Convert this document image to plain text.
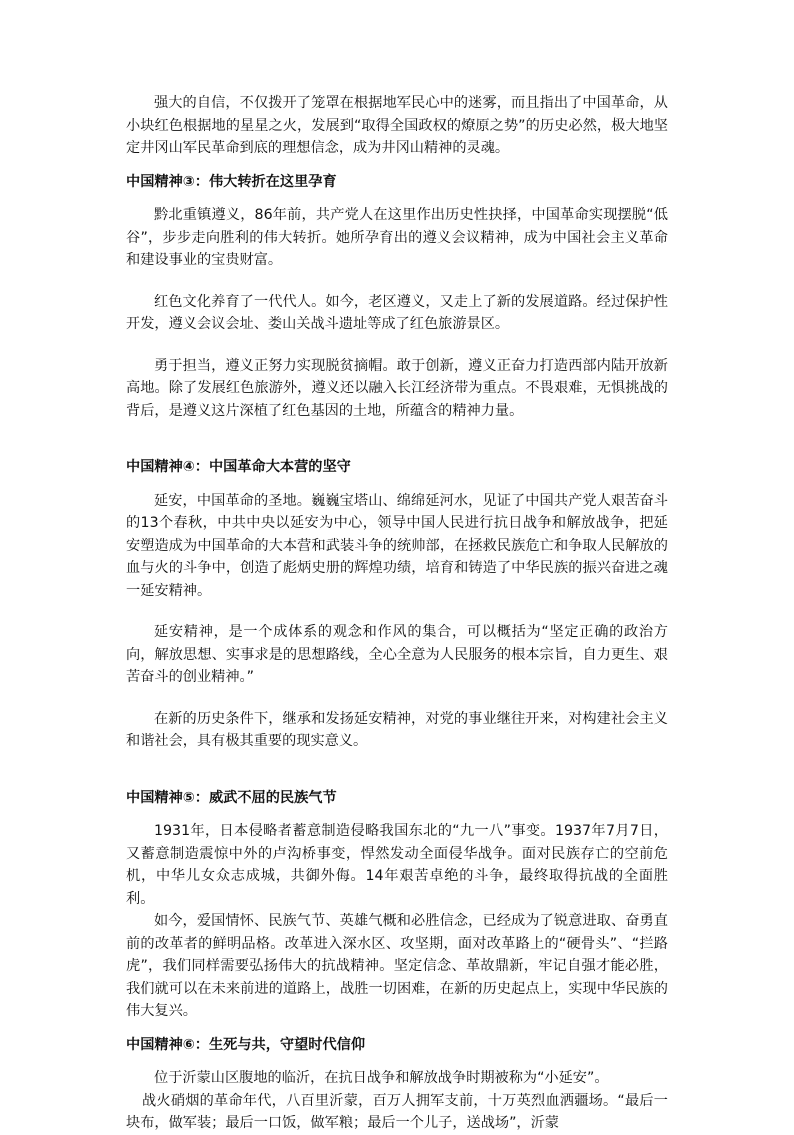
强大的自信，不仅拨开了笼罩在根据地军民心中的迷雾，而且指出了中国革命，从小块红色根据地的星星之火，发展到“取得全国政权的燎原之势”的历史必然，极大地坚定井冈山军民革命到底的理想信念，成为井冈山精神的灵魂。

中国精神③：伟大转折在这里孕育

黔北重镇遵义，86年前，共产党人在这里作出历史性抉择，中国革命实现摆脱“低谷”，步步走向胜利的伟大转折。她所孕育出的遵义会议精神，成为中国社会主义革命和建设事业的宝贵财富。

红色文化养育了一代代人。如今，老区遵义，又走上了新的发展道路。经过保护性开发，遵义会议会址、娄山关战斗遗址等成了红色旅游景区。

勇于担当，遵义正努力实现脱贫摘帽。敢于创新，遵义正奋力打造西部内陆开放新高地。除了发展红色旅游外，遵义还以融入长江经济带为重点。不畏艰难，无惧挑战的背后，是遵义这片深植了红色基因的土地，所蕴含的精神力量。

中国精神④：中国革命大本营的坚守

延安，中国革命的圣地。巍巍宝塔山、绵绵延河水，见证了中国共产党人艰苦奋斗的13个春秋，中共中央以延安为中心，领导中国人民进行抗日战争和解放战争，把延安塑造成为中国革命的大本营和武装斗争的统帅部，在拯救民族危亡和争取人民解放的血与火的斗争中，创造了彪炳史册的辉煌功绩，培育和铸造了中华民族的振兴奋进之魂一延安精神。

延安精神，是一个成体系的观念和作风的集合，可以概括为“坚定正确的政治方向，解放思想、实事求是的思想路线，全心全意为人民服务的根本宗旨，自力更生、艰苦奋斗的创业精神。”

在新的历史条件下，继承和发扬延安精神，对党的事业继往开来，对构建社会主义和谐社会，具有极其重要的现实意义。

中国精神⑤：威武不屈的民族气节

1931年，日本侵略者蓄意制造侵略我国东北的“九一八”事变。1937年7月7日，又蓄意制造震惊中外的卢沟桥事变，悍然发动全面侵华战争。面对民族存亡的空前危机，中华儿女众志成城，共御外侮。14年艰苦卓绝的斗争，最终取得抗战的全面胜利。

如今，爱国情怀、民族气节、英雄气概和必胜信念，已经成为了锐意进取、奋勇直前的改革者的鲜明品格。改革进入深水区、攻坚期，面对改革路上的“硬骨头”、“拦路虎”，我们同样需要弘扬伟大的抗战精神。坚定信念、革故鼎新，牢记自强才能必胜，我们就可以在未来前进的道路上，战胜一切困难，在新的历史起点上，实现中华民族的伟大复兴。

中国精神⑥：生死与共，守望时代信仰

位于沂蒙山区腹地的临沂，在抗日战争和解放战争时期被称为“小延安”。

战火硝烟的革命年代，八百里沂蒙，百万人拥军支前，十万英烈血洒疆场。“最后一块布，做军装；最后一口饭，做军粮；最后一个儿子，送战场”，沂蒙
